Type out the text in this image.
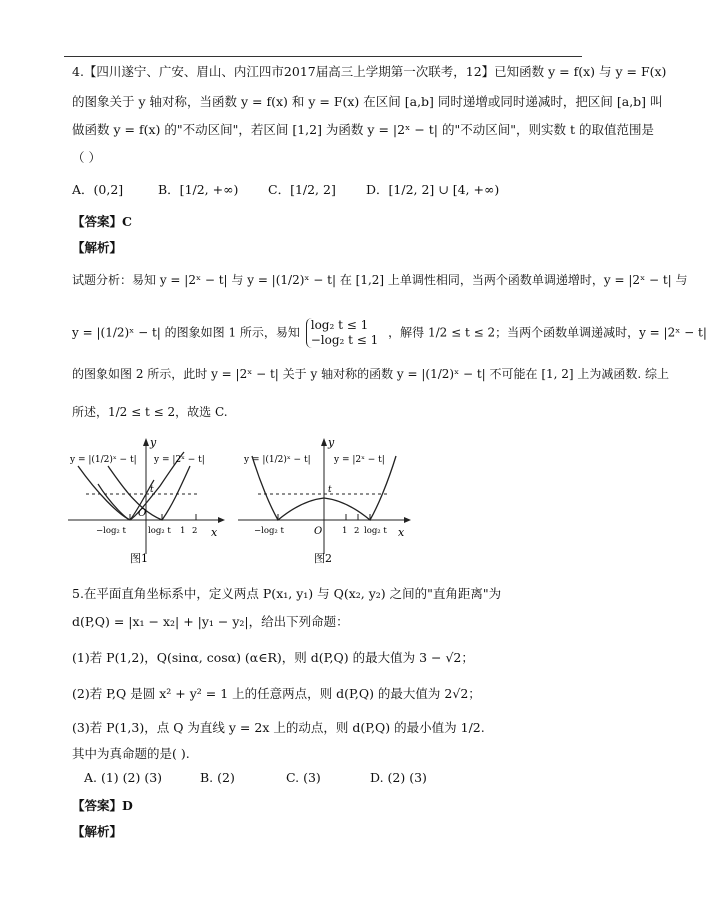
4.【四川遂宁、广安、眉山、内江四市2017届高三上学期第一次联考，12】已知函数 y = f(x) 与 y = F(x)
的图象关于 y 轴对称，当函数 y = f(x) 和 y = F(x) 在区间 [a,b] 同时递增或同时递减时，把区间 [a,b] 叫
做函数 y = f(x) 的"不动区间"，若区间 [1,2] 为函数 y = |2ˣ − t| 的"不动区间"，则实数 t 的取值范围是
（ ）
A．(0,2]	B．[1/2, +∞) C．[1/2, 2] D．[1/2, 2] ∪ [4, +∞)
【答案】C
【解析】
试题分析：易知 y = |2ˣ − t| 与 y = |(1/2)ˣ − t| 在 [1,2] 上单调性相同，当两个函数单调递增时，y = |2ˣ − t| 与
y = |(1/2)ˣ − t| 的图象如图 1 所示，易知
log₂ t ≤ 1
−log₂ t ≤ 1
，解得 1/2 ≤ t ≤ 2；当两个函数单调递减时，y = |2ˣ − t|
的图象如图 2 所示，此时 y = |2ˣ − t| 关于 y 轴对称的函数 y = |(1/2)ˣ − t| 不可能在 [1, 2] 上为减函数. 综上
所述，1/2 ≤ t ≤ 2，故选 C.
y = |(1/2)ˣ − t| y = |2ˣ − t|
y
x
O
t
−log₂ t	log₂ t 1 2
图1
y = |(1/2)ˣ − t|	y = |2ˣ − t|
y
x
O
t
−log₂ t	1 2 log₂ t
图2
5.在平面直角坐标系中，定义两点 P(x₁, y₁) 与 Q(x₂, y₂) 之间的"直角距离"为
d(P,Q) = |x₁ − x₂| + |y₁ − y₂|，给出下列命题：
(1)若 P(1,2)，Q(sinα, cosα) (α∈R)，则 d(P,Q) 的最大值为 3 − √2；
(2)若 P,Q 是圆 x² + y² = 1 上的任意两点，则 d(P,Q) 的最大值为 2√2；
(3)若 P(1,3)，点 Q 为直线 y = 2x 上的动点，则 d(P,Q) 的最小值为 1/2.
其中为真命题的是( ).
A. (1) (2) (3)	B. (2)	C. (3)	D. (2) (3)
【答案】D
【解析】
